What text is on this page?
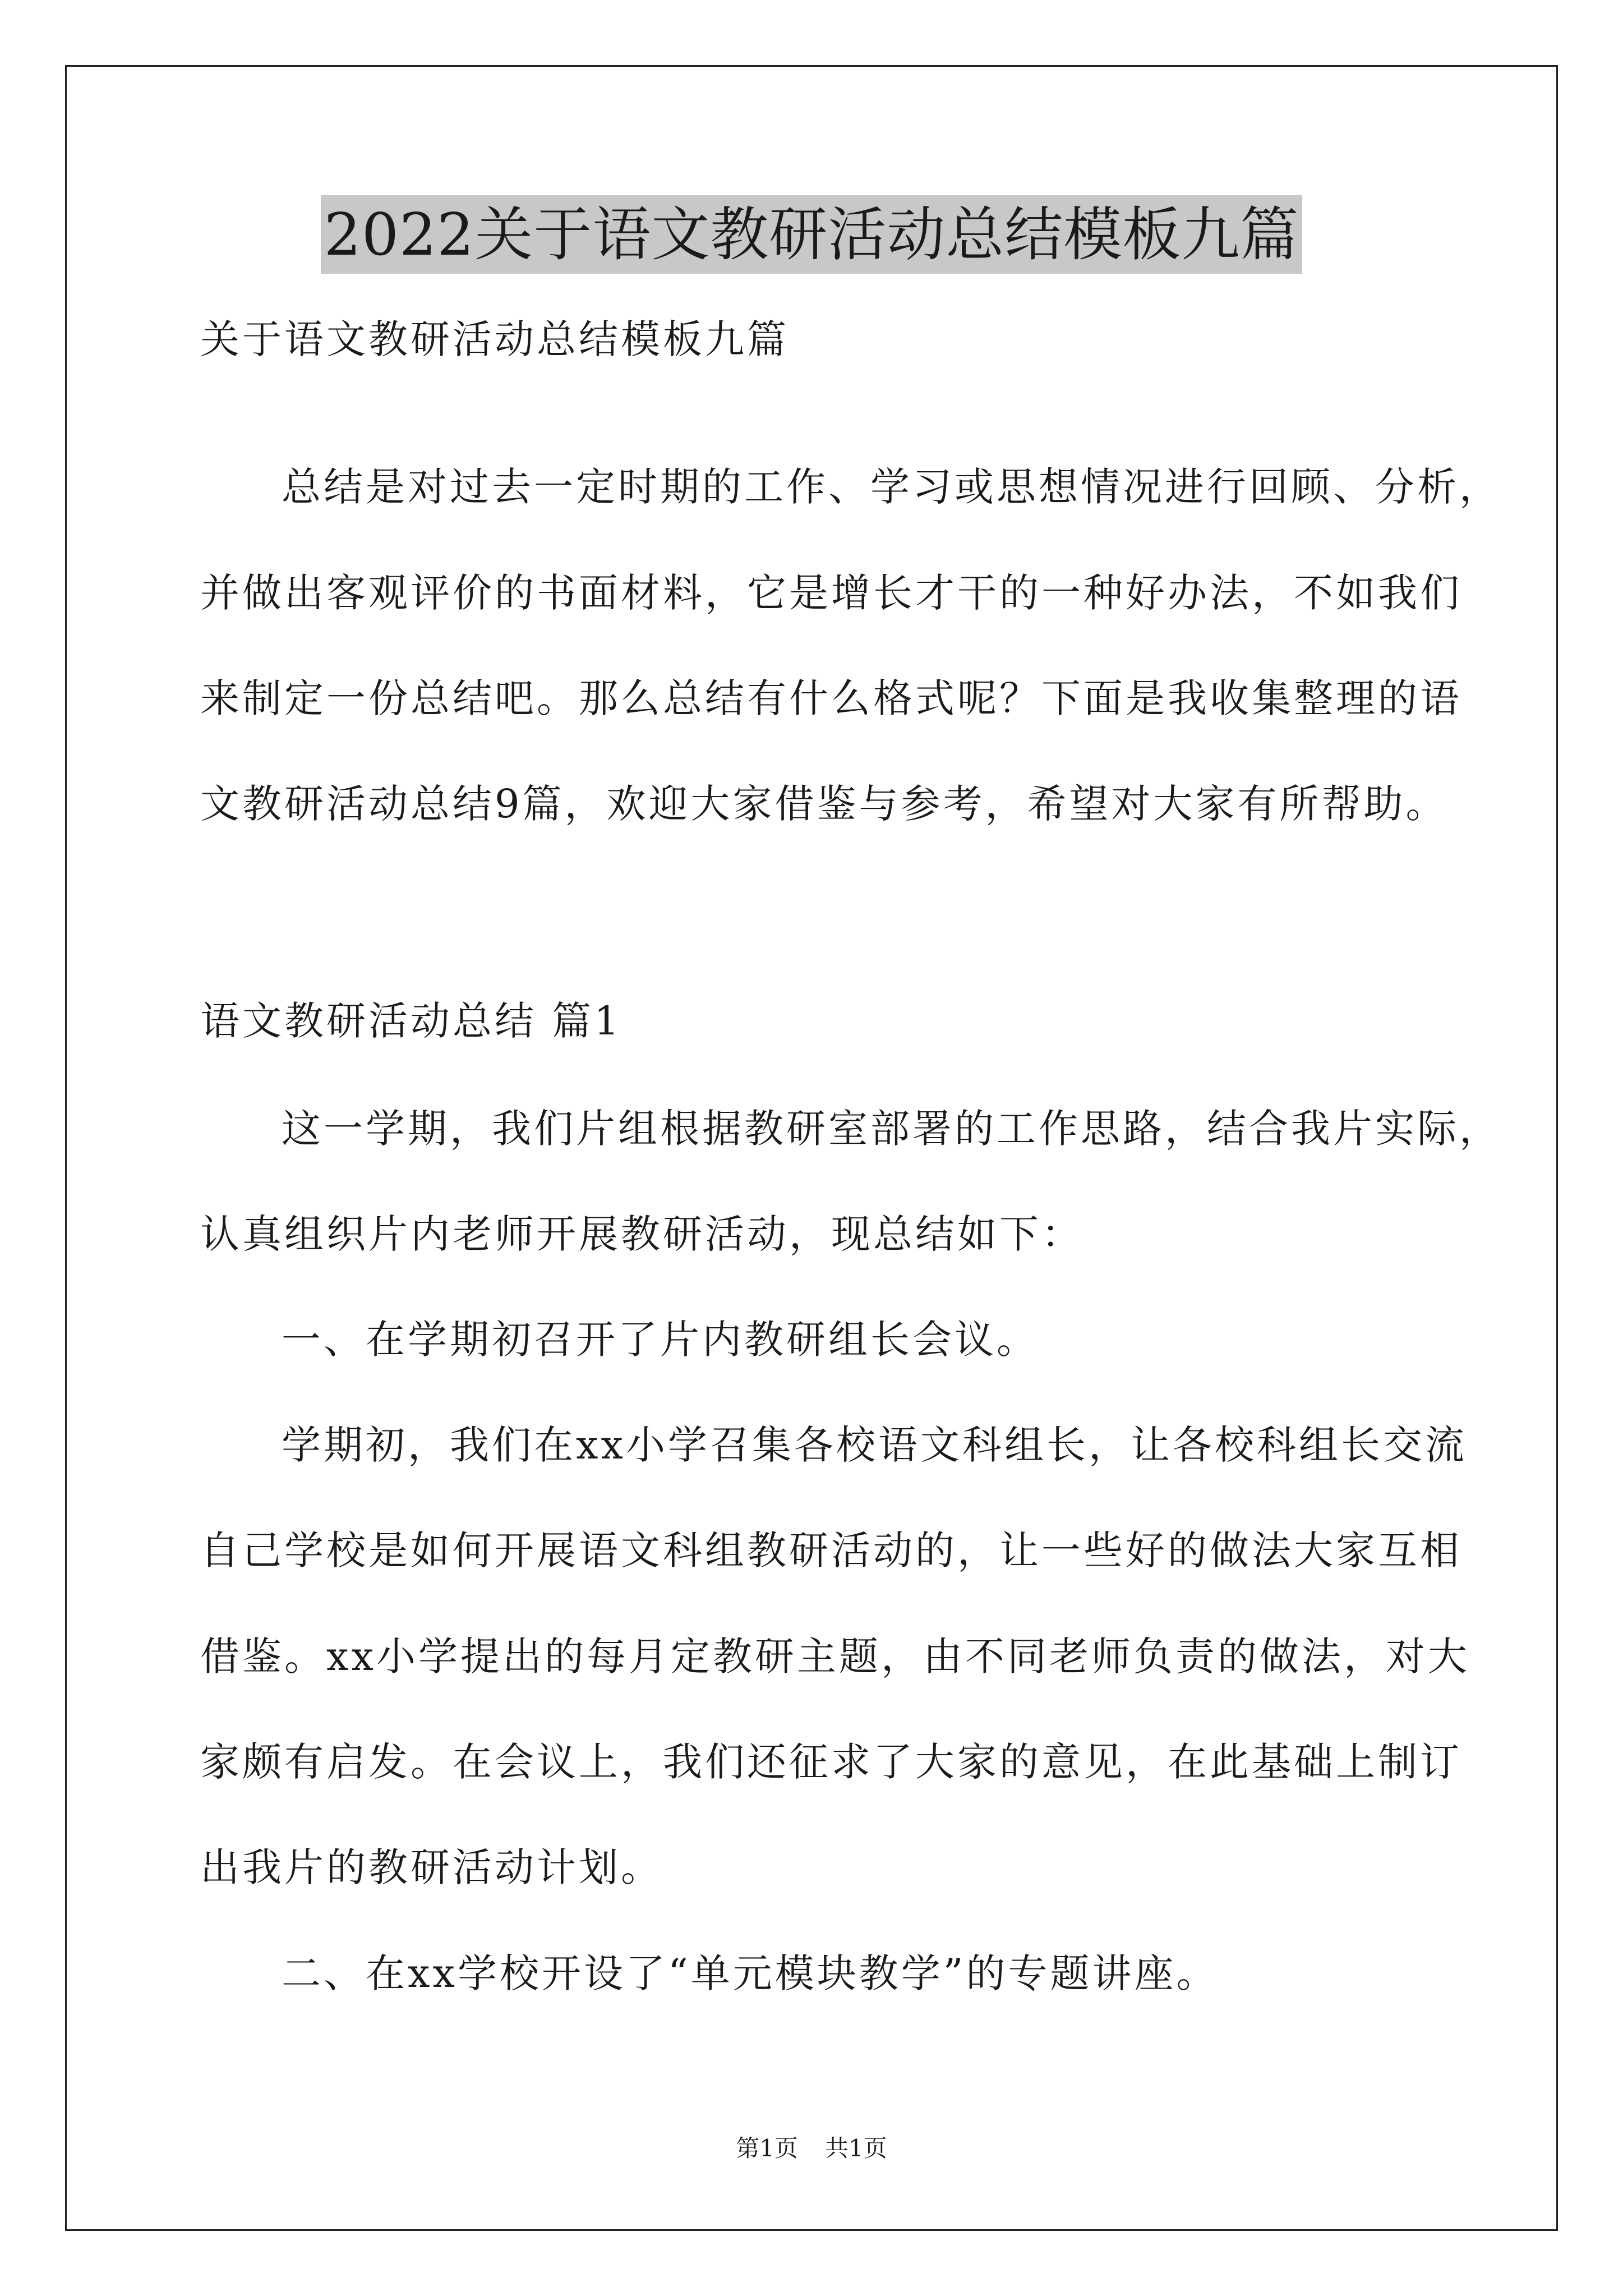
2022关于语文教研活动总结模板九篇
关于语文教研活动总结模板九篇
总结是对过去一定时期的工作、学习或思想情况进行回顾、分析，
并做出客观评价的书面材料，它是增长才干的一种好办法，不如我们
来制定一份总结吧。那么总结有什么格式呢？下面是我收集整理的语
文教研活动总结9篇，欢迎大家借鉴与参考，希望对大家有所帮助。
语文教研活动总结 篇1
这一学期，我们片组根据教研室部署的工作思路，结合我片实际，
认真组织片内老师开展教研活动，现总结如下：
一、在学期初召开了片内教研组长会议。
学期初，我们在xx小学召集各校语文科组长，让各校科组长交流
自己学校是如何开展语文科组教研活动的，让一些好的做法大家互相
借鉴。xx小学提出的每月定教研主题，由不同老师负责的做法，对大
家颇有启发。在会议上，我们还征求了大家的意见，在此基础上制订
出我片的教研活动计划。
二、在xx学校开设了“单元模块教学”的专题讲座。
第1页 共1页
